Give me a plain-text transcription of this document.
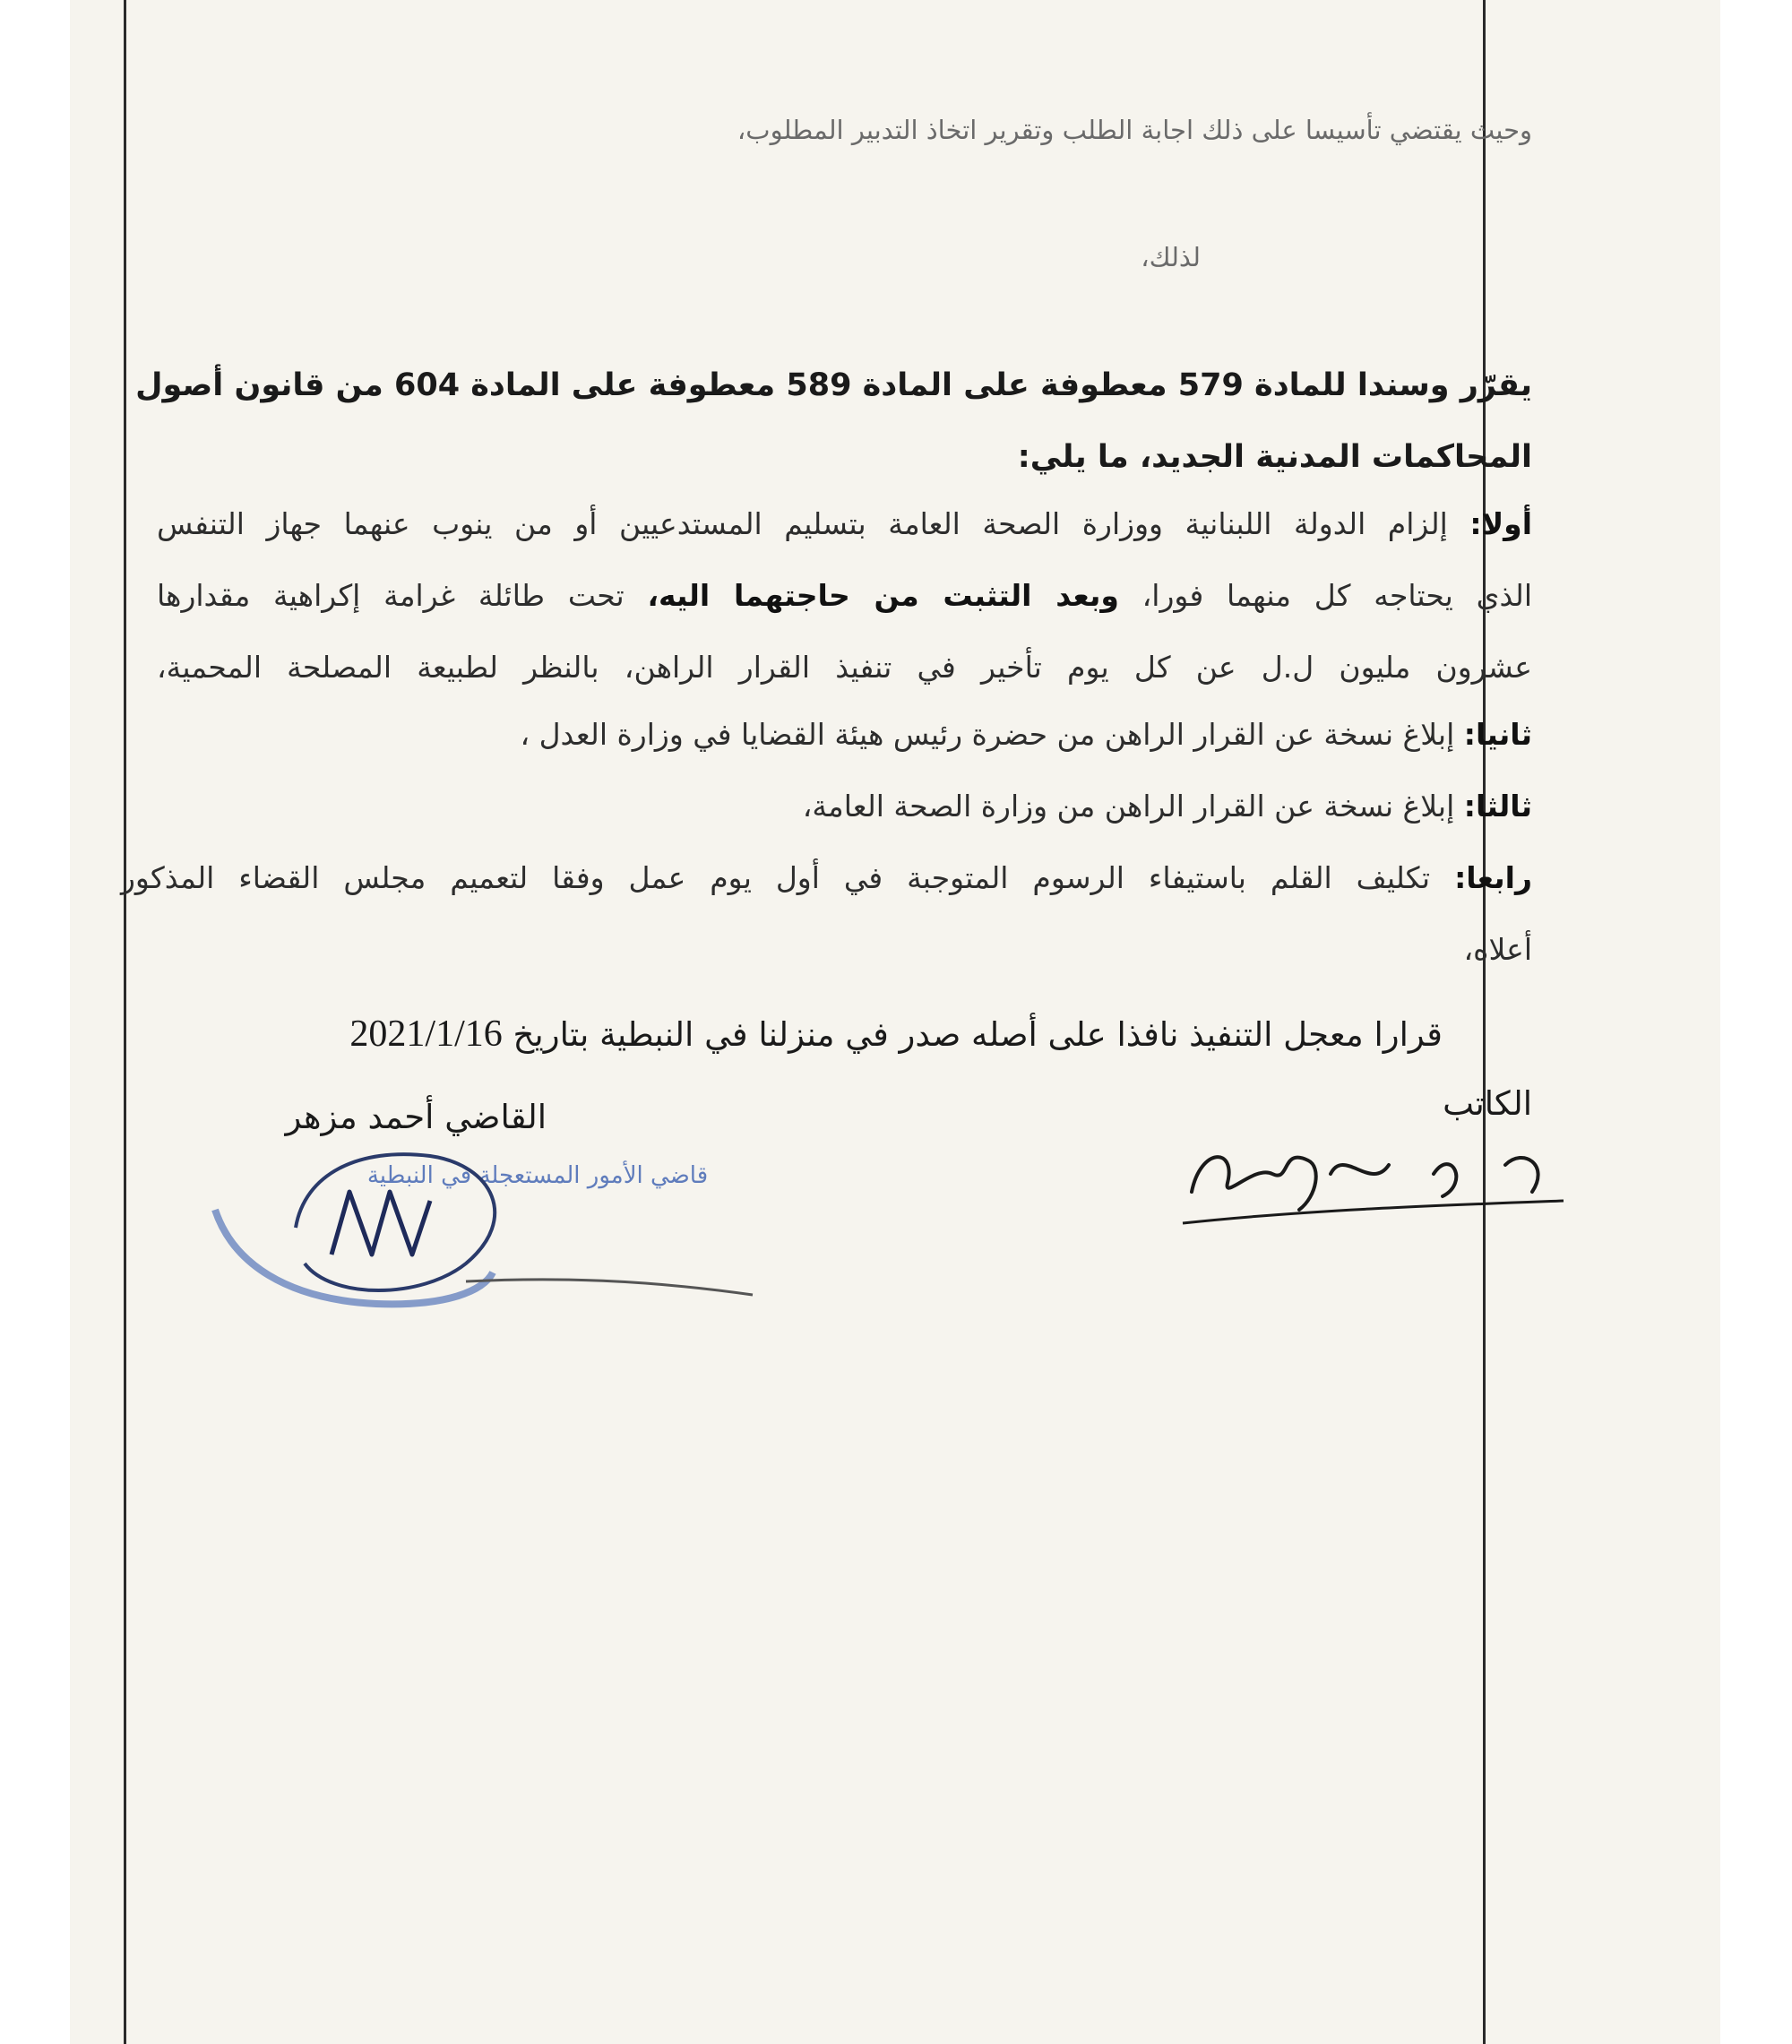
وحيث يقتضي تأسيسا على ذلك اجابة الطلب وتقرير اتخاذ التدبير المطلوب،
لذلك،
يقرّر وسندا للمادة 579 معطوفة على المادة 589 معطوفة على المادة 604 من قانون أصول
المحاكمات المدنية الجديد، ما يلي:
أولا: إلزام الدولة اللبنانية ووزارة الصحة العامة بتسليم المستدعيين أو من ينوب عنهما جهاز التنفس
الذي يحتاجه كل منهما فورا، وبعد التثبت من حاجتهما اليه، تحت طائلة غرامة إكراهية مقدارها
عشرون مليون ل.ل عن كل يوم تأخير في تنفيذ القرار الراهن، بالنظر لطبيعة المصلحة المحمية،
ثانيا: إبلاغ نسخة عن القرار الراهن من حضرة رئيس هيئة القضايا في وزارة العدل ،
ثالثا: إبلاغ نسخة عن القرار الراهن من وزارة الصحة العامة،
رابعا: تكليف القلم باستيفاء الرسوم المتوجبة في أول يوم عمل وفقا لتعميم مجلس القضاء المذكور
أعلاه،
قرارا معجل التنفيذ نافذا على أصله صدر في منزلنا في النبطية بتاريخ 2021/1/16
الكاتب
القاضي أحمد مزهر
قاضي الأمور المستعجلة في النبطية
